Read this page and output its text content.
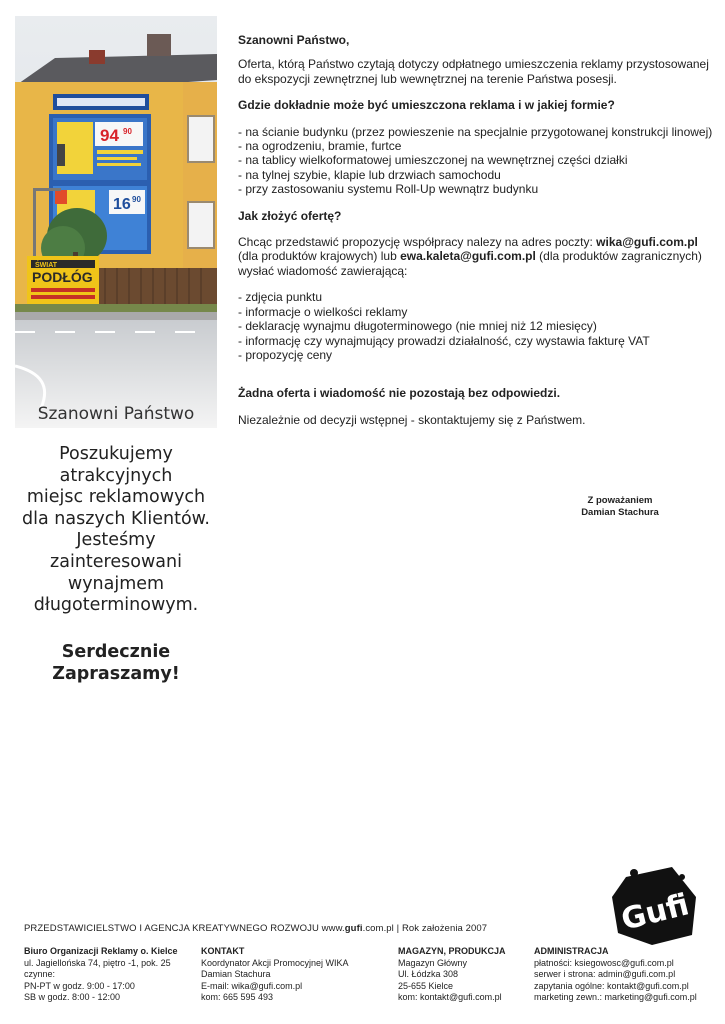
94 90
16 90
ŚWIAT
PODŁÓG
Szanowni Państwo
Poszukujemy
atrakcyjnych
miejsc reklamowych
dla naszych Klientów.
Jesteśmy
zainteresowani
wynajmem
długoterminowym.
Serdecznie
Zapraszamy!

Szanowni Państwo,

Oferta, którą Państwo czytają dotyczy odpłatnego umieszczenia reklamy przystosowanej do ekspozycji zewnętrznej lub wewnętrznej na terenie Państwa posesji.

Gdzie dokładnie może być umieszczona reklama i w jakiej formie?

- na ścianie budynku (przez powieszenie na specjalnie przygotowanej konstrukcji linowej)
- na ogrodzeniu, bramie, furtce
- na tablicy wielkoformatowej umieszczonej na wewnętrznej części działki
- na tylnej szybie, klapie lub drzwiach samochodu
- przy zastosowaniu systemu Roll-Up wewnątrz budynku

Jak złożyć ofertę?

Chcąc przedstawić propozycję współpracy nalezy na adres poczty: wika@gufi.com.pl (dla produktów krajowych) lub ewa.kaleta@gufi.com.pl (dla produktów zagranicznych) wysłać wiadomość zawierającą:

- zdjęcia punktu
- informacje o wielkości reklamy
- deklarację wynajmu długoterminowego (nie mniej niż 12 miesięcy)
- informację czy wynajmujący prowadzi działalność, czy wystawia fakturę VAT
- propozycję ceny

Żadna oferta i wiadomość nie pozostają bez odpowiedzi.

Niezależnie od decyzji wstępnej - skontaktujemy się z Państwem.

Z poważaniem
Damian Stachura
Gufi
PRZEDSTAWICIELSTWO I AGENCJA KREATYWNEGO ROZWOJU www.gufi.com.pl | Rok założenia 2007
Biuro Organizacji Reklamy o. Kielce
ul. Jagiellońska 74, piętro -1, pok. 25
czynne:
PN-PT w godz. 9:00 - 17:00
SB w godz. 8:00 - 12:00
KONTAKT
Koordynator Akcji Promocyjnej WIKA
Damian Stachura
E-mail: wika@gufi.com.pl
kom: 665 595 493
MAGAZYN, PRODUKCJA
Magazyn Główny
Ul. Łódzka 308
25-655 Kielce
kom: kontakt@gufi.com.pl
ADMINISTRACJA
płatności: ksiegowosc@gufi.com.pl
serwer i strona: admin@gufi.com.pl
zapytania ogólne: kontakt@gufi.com.pl
marketing zewn.: marketing@gufi.com.pl
